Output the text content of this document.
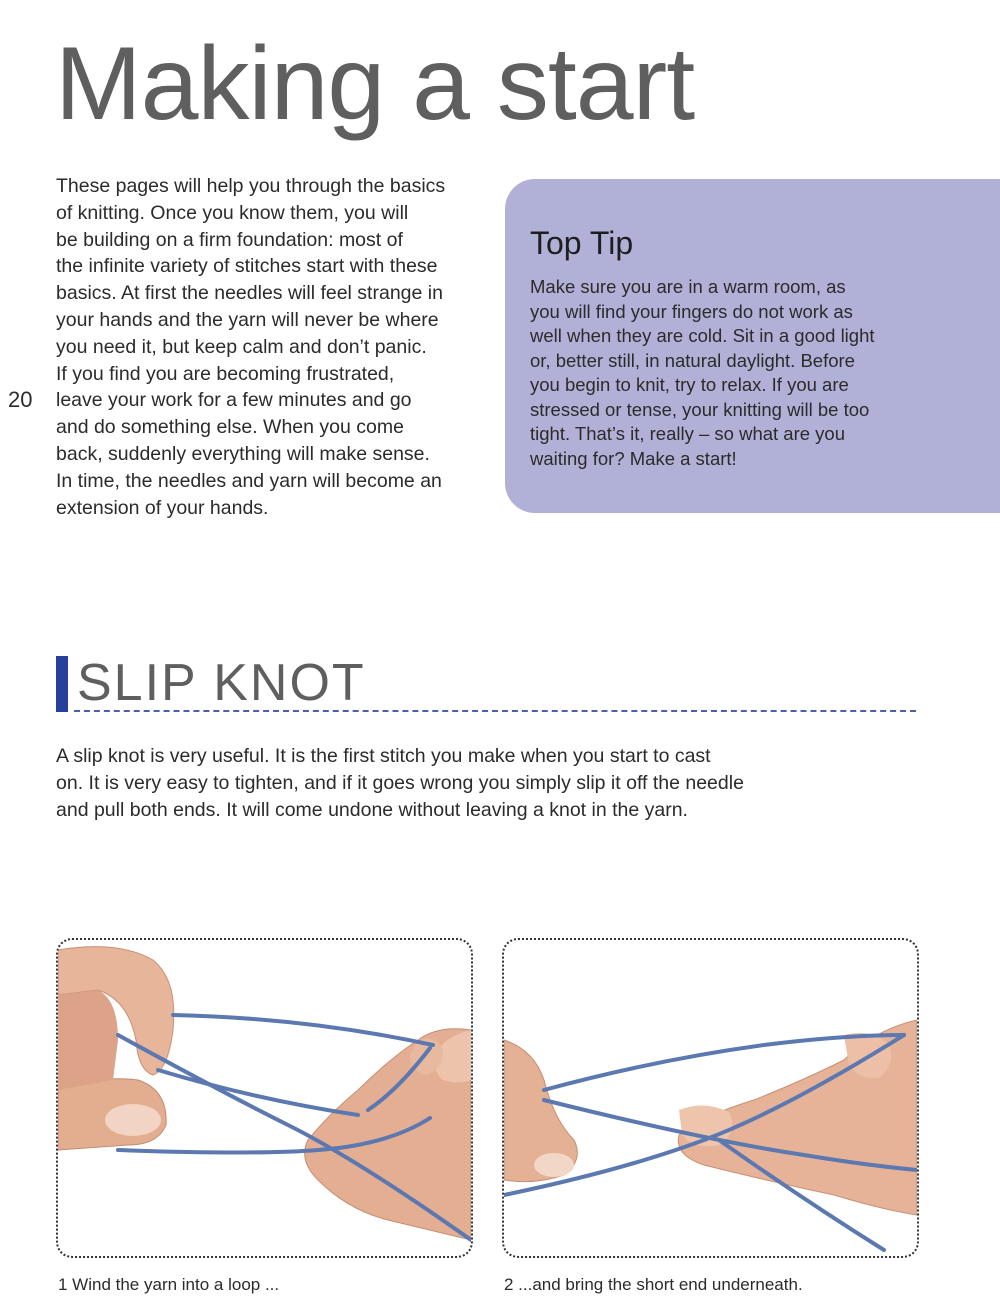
Making a start
These pages will help you through the basics
of knitting. Once you know them, you will
be building on a firm foundation: most of
the infinite variety of stitches start with these
basics. At first the needles will feel strange in
your hands and the yarn will never be where
you need it, but keep calm and don’t panic.
If you find you are becoming frustrated,
leave your work for a few minutes and go
and do something else. When you come
back, suddenly everything will make sense.
In time, the needles and yarn will become an
extension of your hands.
20
Top Tip
Make sure you are in a warm room, as
you will find your fingers do not work as
well when they are cold. Sit in a good light
or, better still, in natural daylight. Before
you begin to knit, try to relax. If you are
stressed or tense, your knitting will be too
tight. That’s it, really – so what are you
waiting for? Make a start!
SLIP KNOT
A slip knot is very useful. It is the first stitch you make when you start to cast
on. It is very easy to tighten, and if it goes wrong you simply slip it off the needle
and pull both ends. It will come undone without leaving a knot in the yarn.
1 Wind the yarn into a loop ...	2 ...and bring the short end underneath.
